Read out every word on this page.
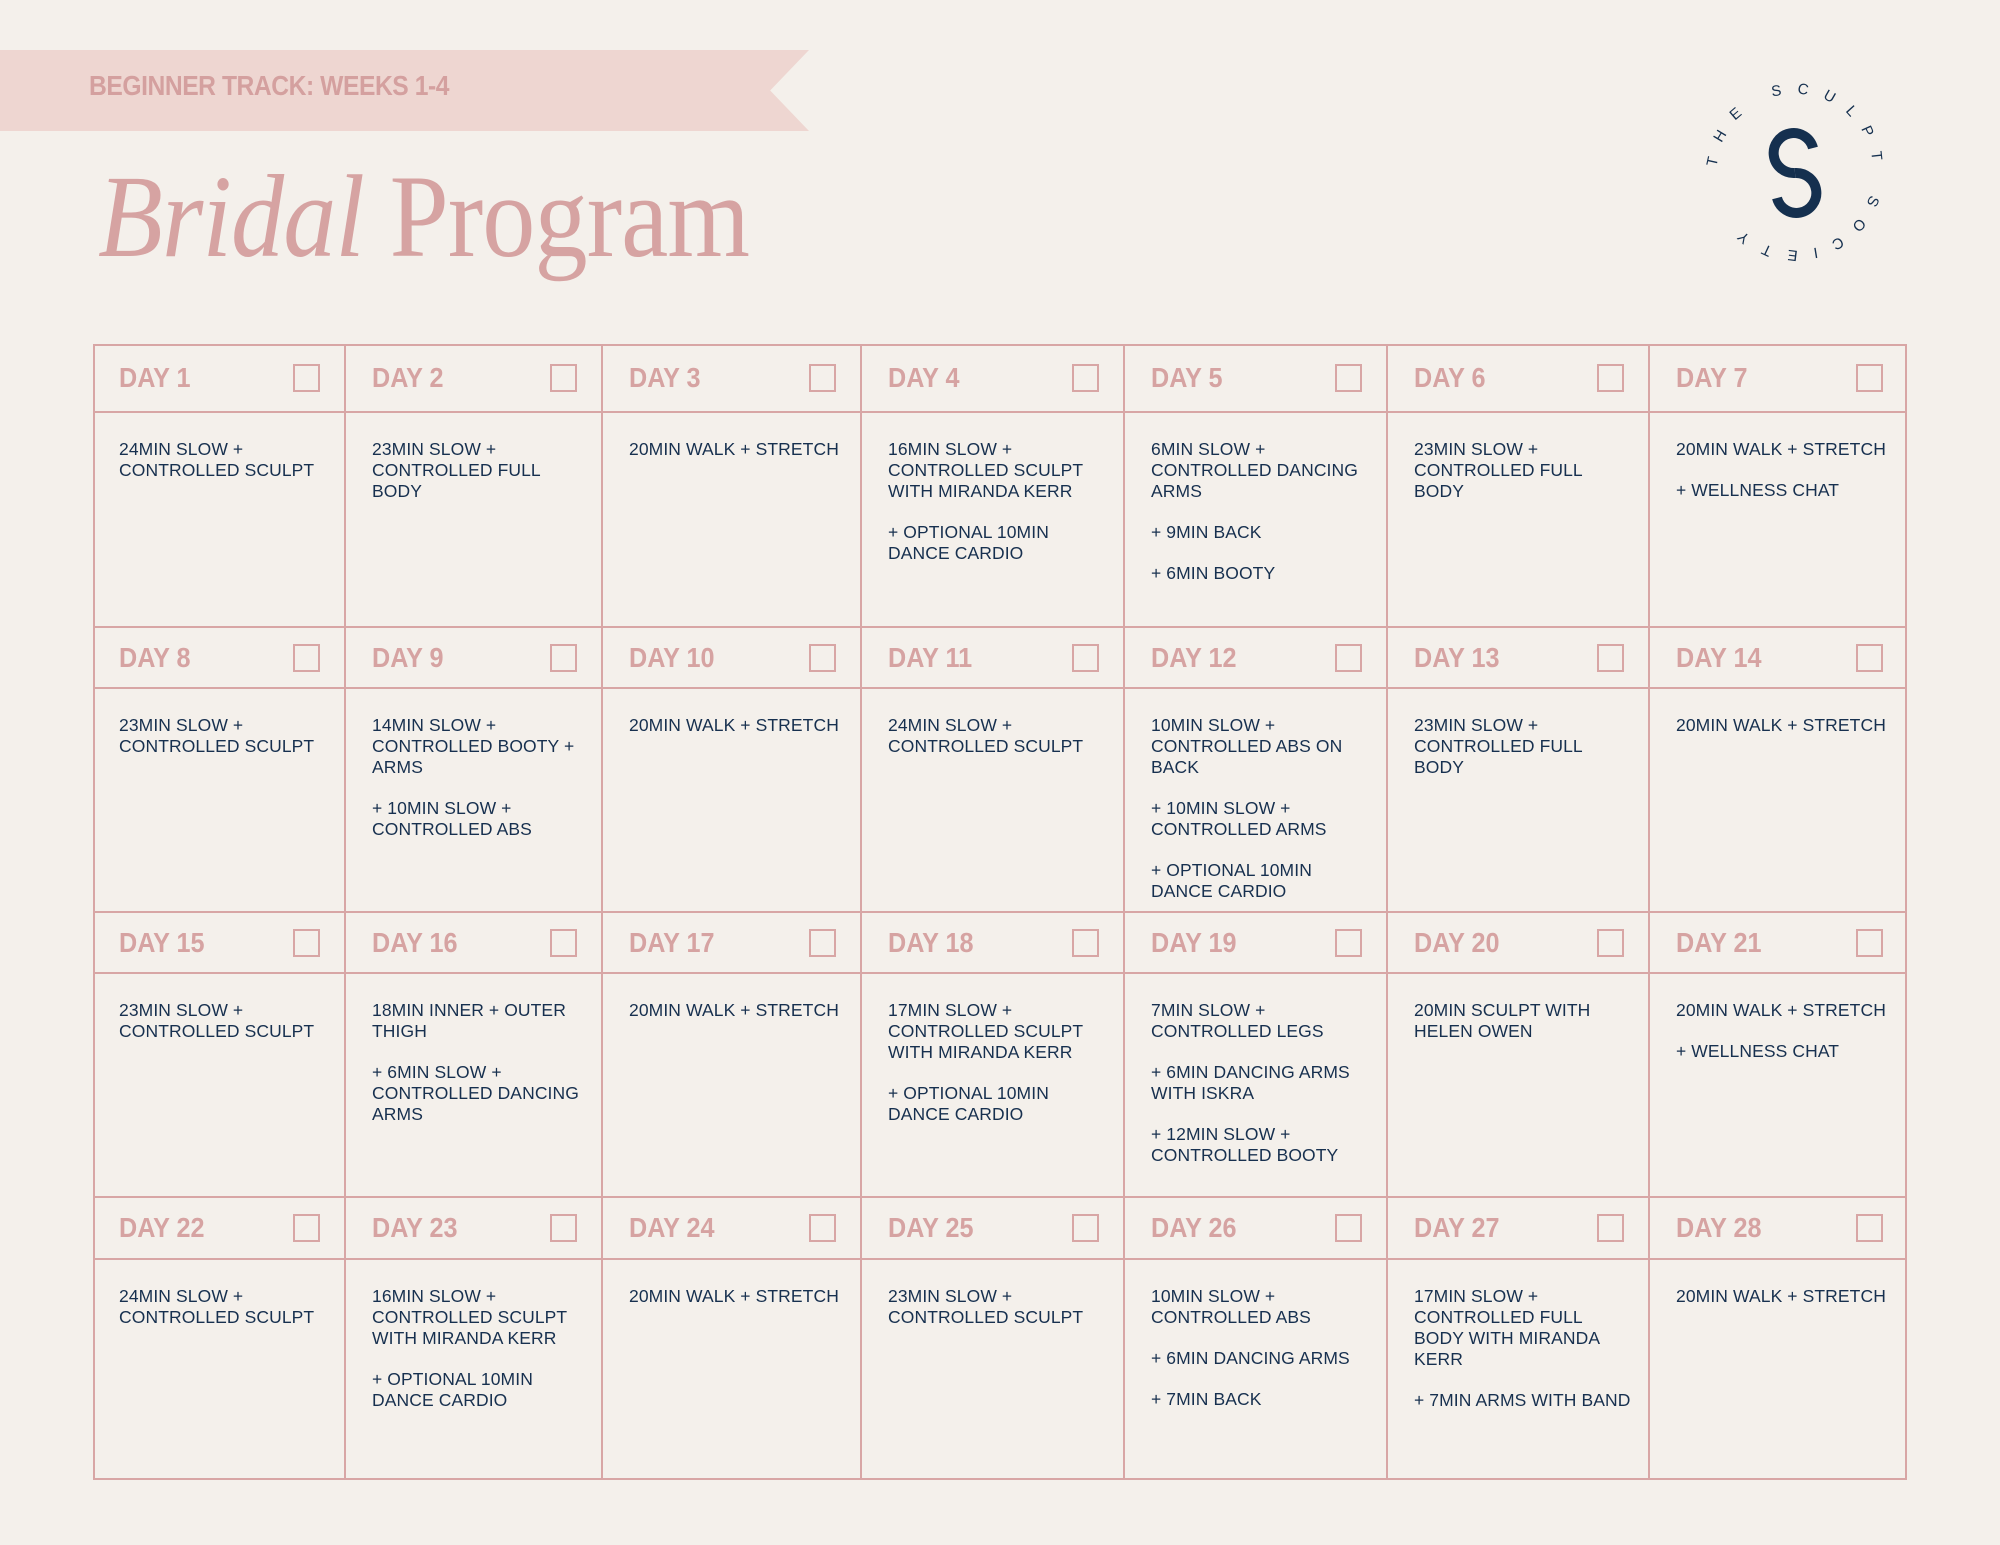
BEGINNER TRACK: WEEKS 1-4
Bridal Program	THE SCULPT SOCIETY
DAY 1

24MIN SLOW + CONTROLLED SCULPT

DAY 2

23MIN SLOW + CONTROLLED FULL BODY

DAY 3

20MIN WALK + STRETCH

DAY 4

16MIN SLOW + CONTROLLED SCULPT WITH MIRANDA KERR

+ OPTIONAL 10MIN DANCE CARDIO

DAY 5

6MIN SLOW + CONTROLLED DANCING ARMS

+ 9MIN BACK

+ 6MIN BOOTY

DAY 6

23MIN SLOW + CONTROLLED FULL BODY

DAY 7

20MIN WALK + STRETCH

+ WELLNESS CHAT

DAY 8

23MIN SLOW + CONTROLLED SCULPT

DAY 9

14MIN SLOW + CONTROLLED BOOTY + ARMS

+ 10MIN SLOW + CONTROLLED ABS

DAY 10

20MIN WALK + STRETCH

DAY 11

24MIN SLOW + CONTROLLED SCULPT

DAY 12

10MIN SLOW + CONTROLLED ABS ON BACK

+ 10MIN SLOW + CONTROLLED ARMS

+ OPTIONAL 10MIN DANCE CARDIO

DAY 13

23MIN SLOW + CONTROLLED FULL BODY

DAY 14

20MIN WALK + STRETCH

DAY 15

23MIN SLOW + CONTROLLED SCULPT

DAY 16

18MIN INNER + OUTER THIGH

+ 6MIN SLOW + CONTROLLED DANCING ARMS

DAY 17

20MIN WALK + STRETCH

DAY 18

17MIN SLOW + CONTROLLED SCULPT WITH MIRANDA KERR

+ OPTIONAL 10MIN DANCE CARDIO

DAY 19

7MIN SLOW + CONTROLLED LEGS

+ 6MIN DANCING ARMS WITH ISKRA

+ 12MIN SLOW + CONTROLLED BOOTY

DAY 20

20MIN SCULPT WITH HELEN OWEN

DAY 21

20MIN WALK + STRETCH

+ WELLNESS CHAT

DAY 22

24MIN SLOW + CONTROLLED SCULPT

DAY 23

16MIN SLOW + CONTROLLED SCULPT WITH MIRANDA KERR

+ OPTIONAL 10MIN DANCE CARDIO

DAY 24

20MIN WALK + STRETCH

DAY 25

23MIN SLOW + CONTROLLED SCULPT

DAY 26

10MIN SLOW + CONTROLLED ABS

+ 6MIN DANCING ARMS

+ 7MIN BACK

DAY 27

17MIN SLOW + CONTROLLED FULL BODY WITH MIRANDA KERR

+ 7MIN ARMS WITH BAND

DAY 28

20MIN WALK + STRETCH
